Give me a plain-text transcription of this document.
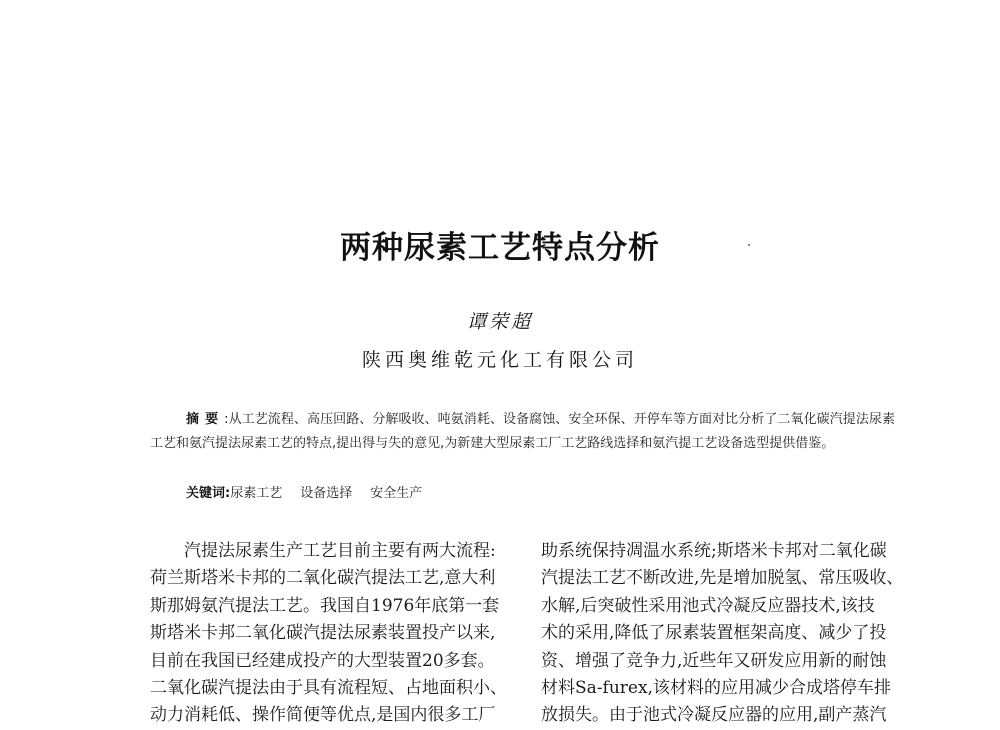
两种尿素工艺特点分析
谭荣超
陕西奥维乾元化工有限公司
摘要:从工艺流程、高压回路、分解吸收、吨氨消耗、设备腐蚀、安全环保、开停车等方面对比分析了二氧化碳汽提法尿素工艺和氨汽提法尿素工艺的特点,提出得与失的意见,为新建大型尿素工厂工艺路线选择和氨汽提工艺设备选型提供借鉴。
关键词:尿素工艺 设备选择 安全生产
　　汽提法尿素生产工艺目前主要有两大流程:
荷兰斯塔米卡邦的二氧化碳汽提法工艺,意大利
斯那姆氨汽提法工艺。我国自1976年底第一套
斯塔米卡邦二氧化碳汽提法尿素装置投产以来,
目前在我国已经建成投产的大型装置20多套。
二氧化碳汽提法由于具有流程短、占地面积小、
动力消耗低、操作简便等优点,是国内很多工厂
助系统保持凋温水系统;斯塔米卡邦对二氧化碳
汽提法工艺不断改进,先是增加脱氢、常压吸收、
水解,后突破性采用池式冷凝反应器技术,该技
术的采用,降低了尿素装置框架高度、减少了投
资、增强了竞争力,近些年又研发应用新的耐蚀
材料Sa-furex,该材料的应用减少合成塔停车排
放损失。由于池式冷凝反应器的应用,副产蒸汽
